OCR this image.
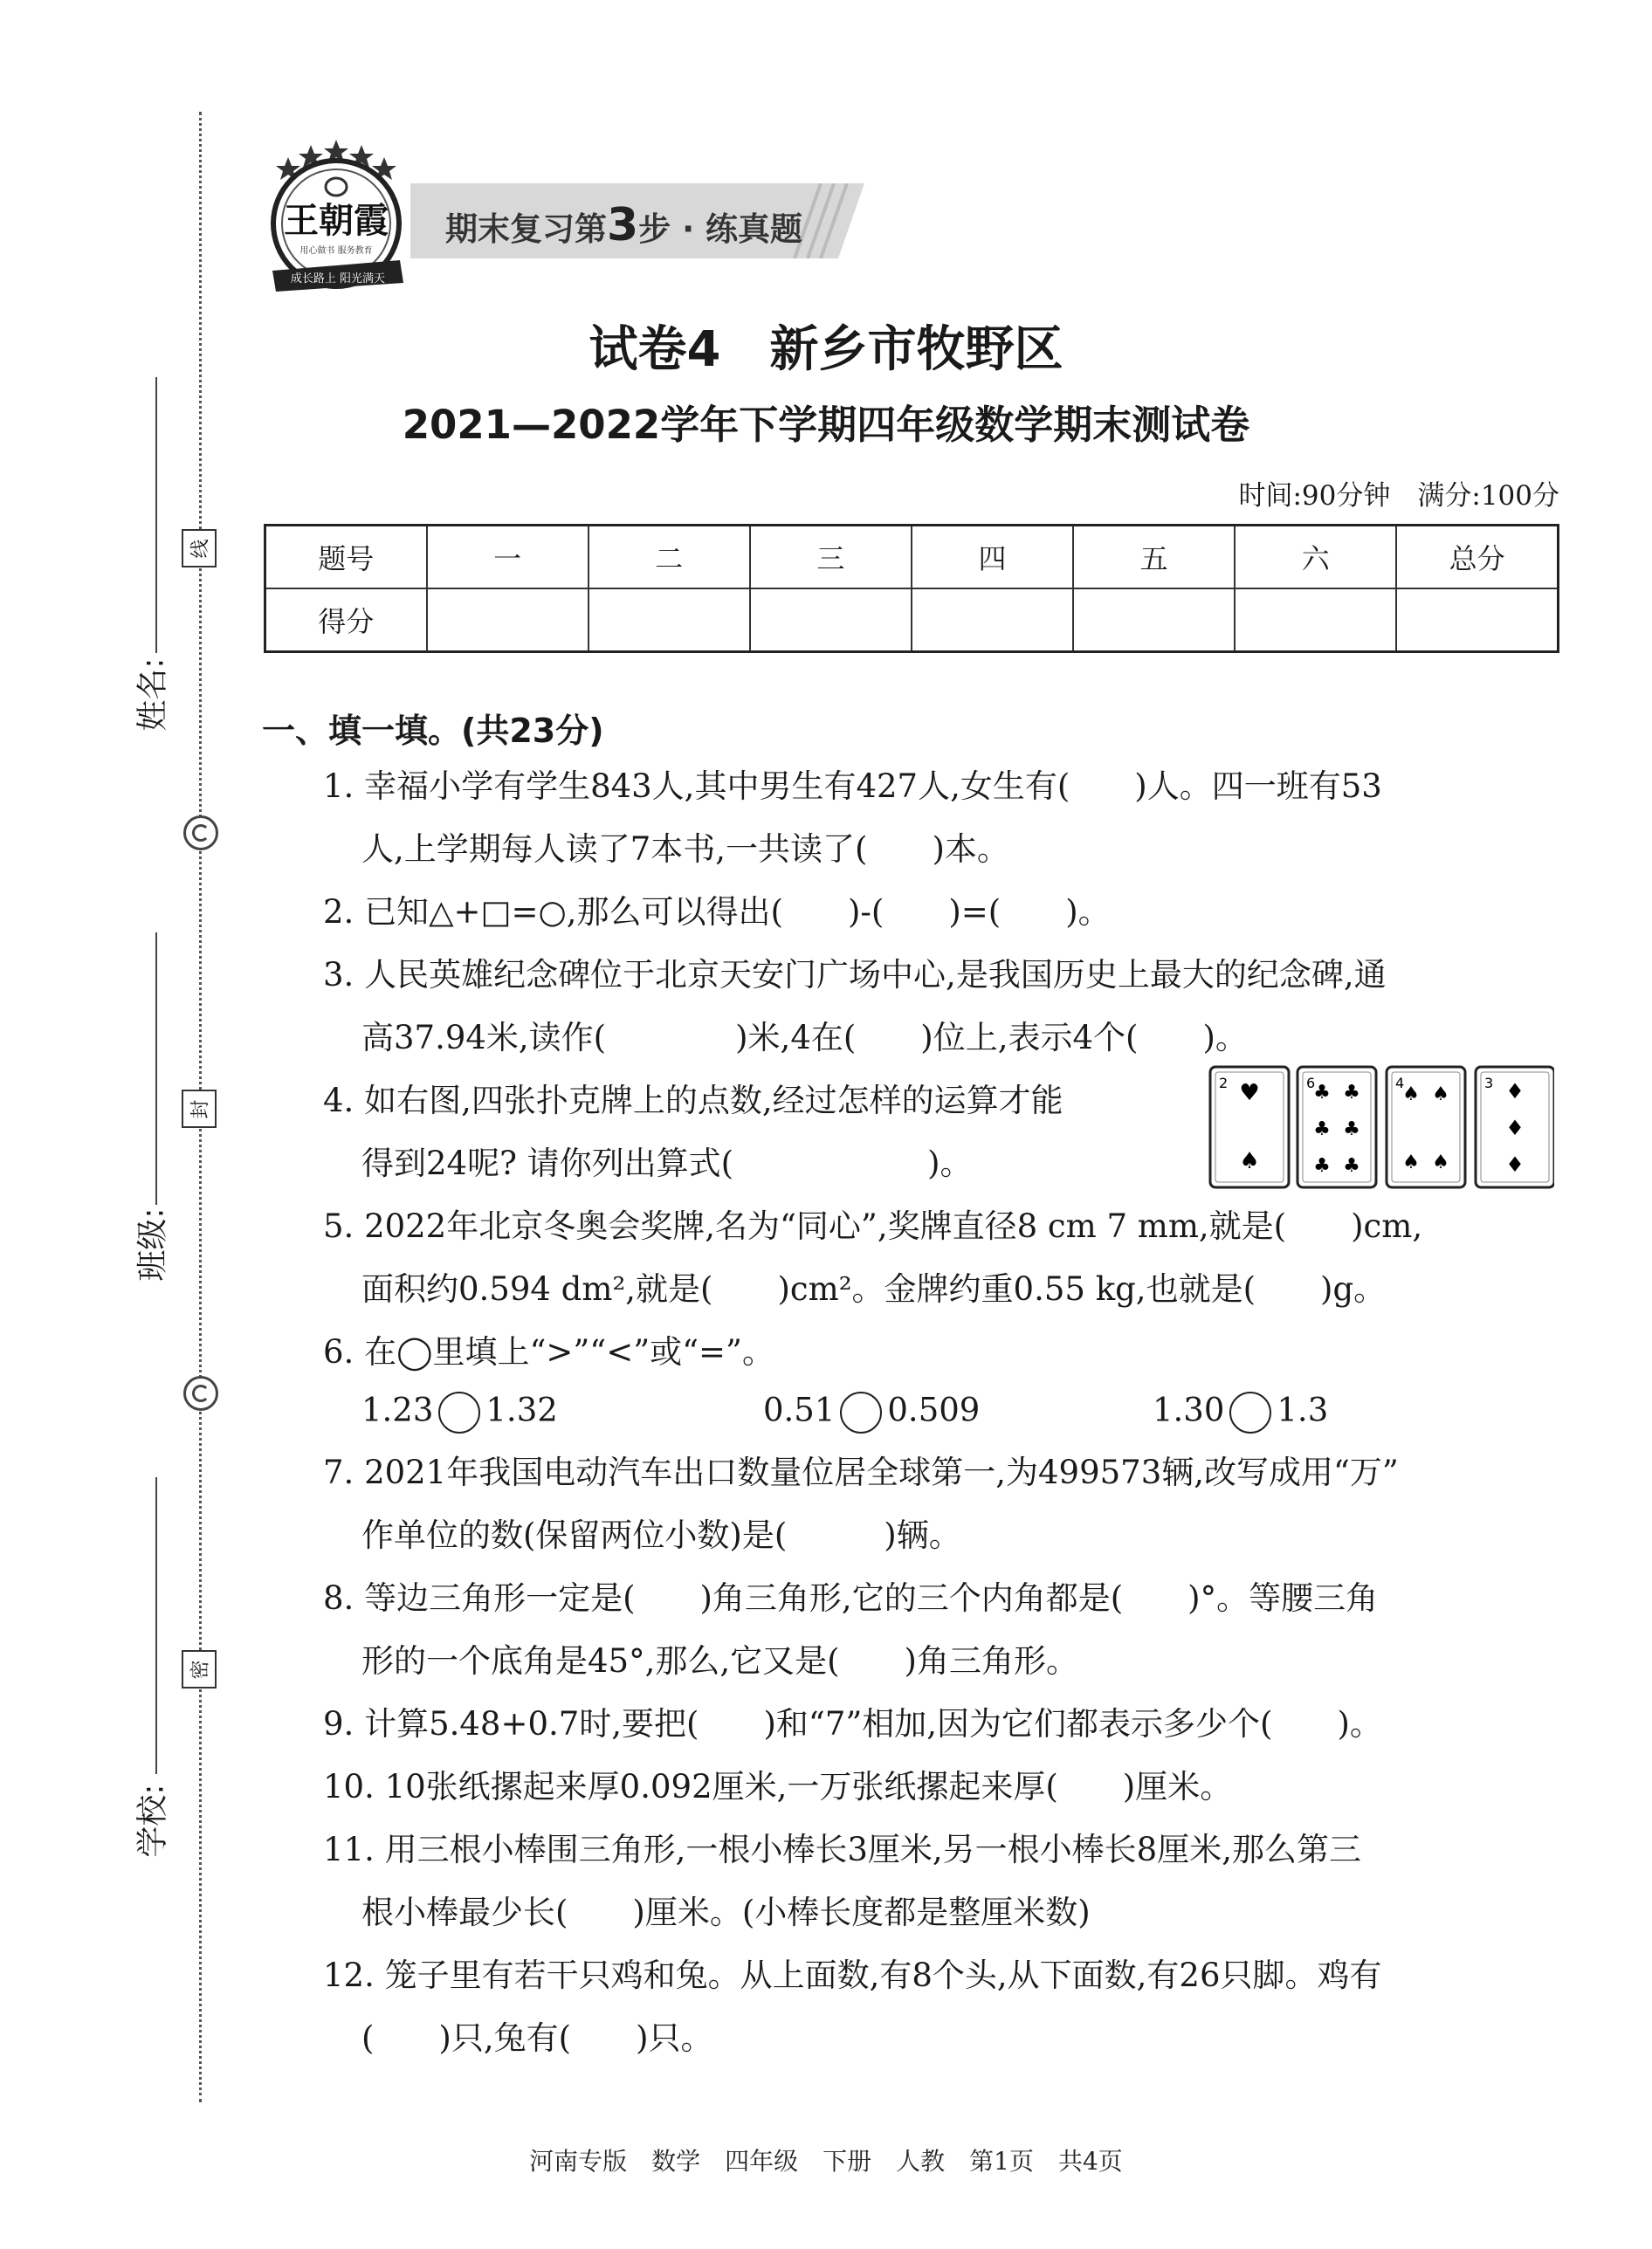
姓名:
班级:
学校:
线
封
密
王朝霞
用心做书 服务教育
成长路上 阳光满天
期末复习第3步 · 练真题
试卷4　新乡市牧野区
2021—2022学年下学期四年级数学期末测试卷
时间:90分钟　满分:100分
题号	一	二	三	四	五	六	总分
得分							
一、填一填。(共23分)
1. 幸福小学有学生843人,其中男生有427人,女生有(　　)人。四一班有53
人,上学期每人读了7本书,一共读了(　　)本。
2. 已知△+□=○,那么可以得出(　　)-(　　)=(　　)。
3. 人民英雄纪念碑位于北京天安门广场中心,是我国历史上最大的纪念碑,通
高37.94米,读作(　　　　)米,4在(　　)位上,表示4个(　　)。
4. 如右图,四张扑克牌上的点数,经过怎样的运算才能
得到24呢? 请你列出算式(　　　　　　)。
5. 2022年北京冬奥会奖牌,名为“同心”,奖牌直径8 cm 7 mm,就是(　　)cm,
面积约0.594 dm²,就是(　　)cm²。金牌约重0.55 kg,也就是(　　)g。
6. 在◯里填上“>”“<”或“=”。
1.23 1.32	0.51 0.509	1.30 1.3
7. 2021年我国电动汽车出口数量位居全球第一,为499573辆,改写成用“万”
作单位的数(保留两位小数)是(　　　)辆。
8. 等边三角形一定是(　　)角三角形,它的三个内角都是(　　)°。等腰三角
形的一个底角是45°,那么,它又是(　　)角三角形。
9. 计算5.48+0.7时,要把(　　)和“7”相加,因为它们都表示多少个(　　)。
10. 10张纸摞起来厚0.092厘米,一万张纸摞起来厚(　　)厘米。
11. 用三根小棒围三角形,一根小棒长3厘米,另一根小棒长8厘米,那么第三
根小棒最少长(　　)厘米。(小棒长度都是整厘米数)
12. 笼子里有若干只鸡和兔。从上面数,有8个头,从下面数,有26只脚。鸡有
(　　)只,兔有(　　)只。
2 ♥
♠
6
♣ ♣
♣ ♣
♣ ♣
4
♠ ♠
♠ ♠
3 ♦
♦
♦
河南专版　数学　四年级　下册　人教　第1页　共4页
